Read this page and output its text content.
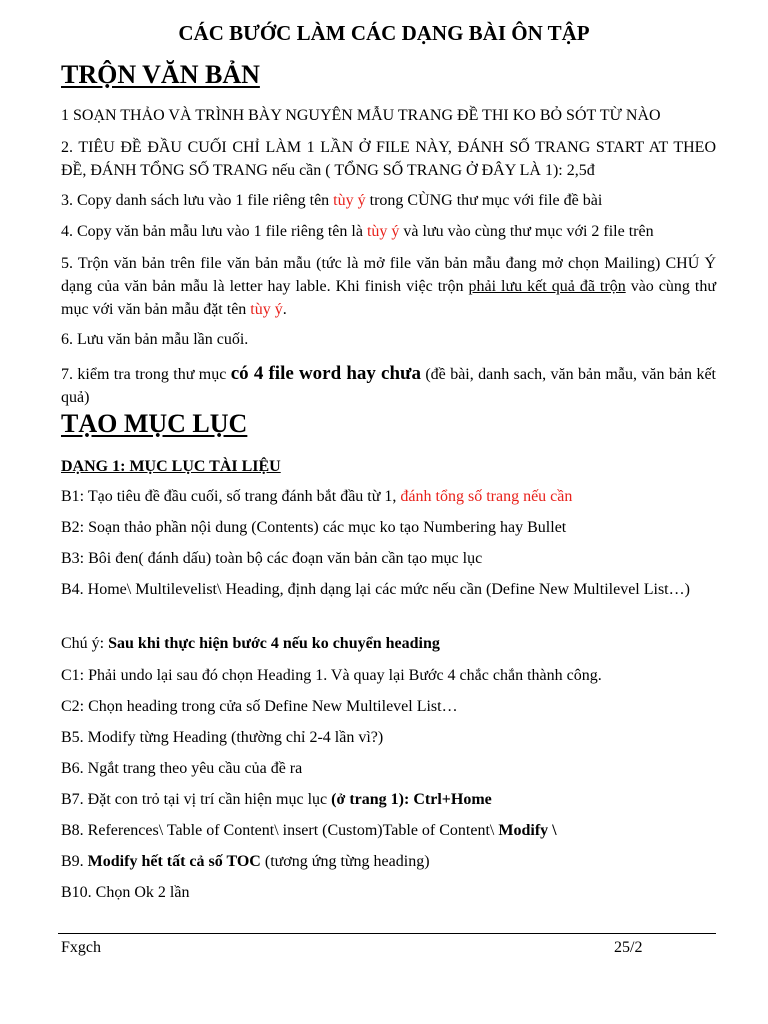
CÁC BƯỚC LÀM CÁC DẠNG BÀI ÔN TẬP
TRỘN VĂN BẢN
1 SOẠN THẢO VÀ TRÌNH BÀY NGUYÊN MẪU TRANG ĐỀ THI KO BỎ SÓT TỪ NÀO
2. TIÊU ĐỀ ĐẦU CUỐI CHỈ LÀM 1 LẦN Ở FILE NÀY, ĐÁNH SỐ TRANG START AT THEO ĐỀ, ĐÁNH TỔNG SỐ TRANG nếu cần ( TỔNG SỐ TRANG Ở ĐÂY LÀ 1): 2,5đ
3. Copy danh sách lưu vào 1 file riêng tên tùy ý trong CÙNG thư mục với file đề bài
4. Copy văn bản mẫu lưu vào 1 file riêng tên là tùy ý và lưu vào cùng thư mục với 2 file trên
5. Trộn văn bản trên file văn bản mẫu (tức là mở file văn bản mẫu đang mở chọn Mailing) CHÚ Ý dạng của văn bản mẫu là letter hay lable. Khi finish việc trộn phải lưu kết quả đã trộn vào cùng thư mục với văn bản mẫu đặt tên tùy ý.
6. Lưu văn bản mẫu lần cuối.
7. kiểm tra trong thư mục có 4 file word hay chưa (đề bài, danh sach, văn bản mẫu, văn bản kết quả)
TẠO MỤC LỤC
DẠNG 1: MỤC LỤC TÀI LIỆU
B1: Tạo tiêu đề đầu cuối, số trang đánh bắt đầu từ 1, đánh tổng số trang nếu cần
B2: Soạn thảo phần nội dung (Contents) các mục ko tạo Numbering hay Bullet
B3: Bôi đen( đánh dấu) toàn bộ các đoạn văn bản cần tạo mục lục
B4. Home\ Multilevelist\ Heading, định dạng lại các mức nếu cần (Define New Multilevel List…)
Chú ý: Sau khi thực hiện bước 4 nếu ko chuyển heading
C1: Phải undo lại sau đó chọn Heading 1. Và quay lại Bước 4 chắc chắn thành công.
C2: Chọn heading trong cửa số Define New Multilevel List…
B5. Modify từng Heading (thường chỉ 2-4 lần vì?)
B6. Ngắt trang theo yêu cầu của đề ra
B7. Đặt con trỏ tại vị trí cần hiện mục lục (ở trang 1): Ctrl+Home
B8. References\ Table of Content\ insert (Custom)Table of Content\ Modify \
B9. Modify hết tất cả số TOC (tương ứng từng heading)
B10. Chọn Ok 2 lần
Fxgch	25/2
